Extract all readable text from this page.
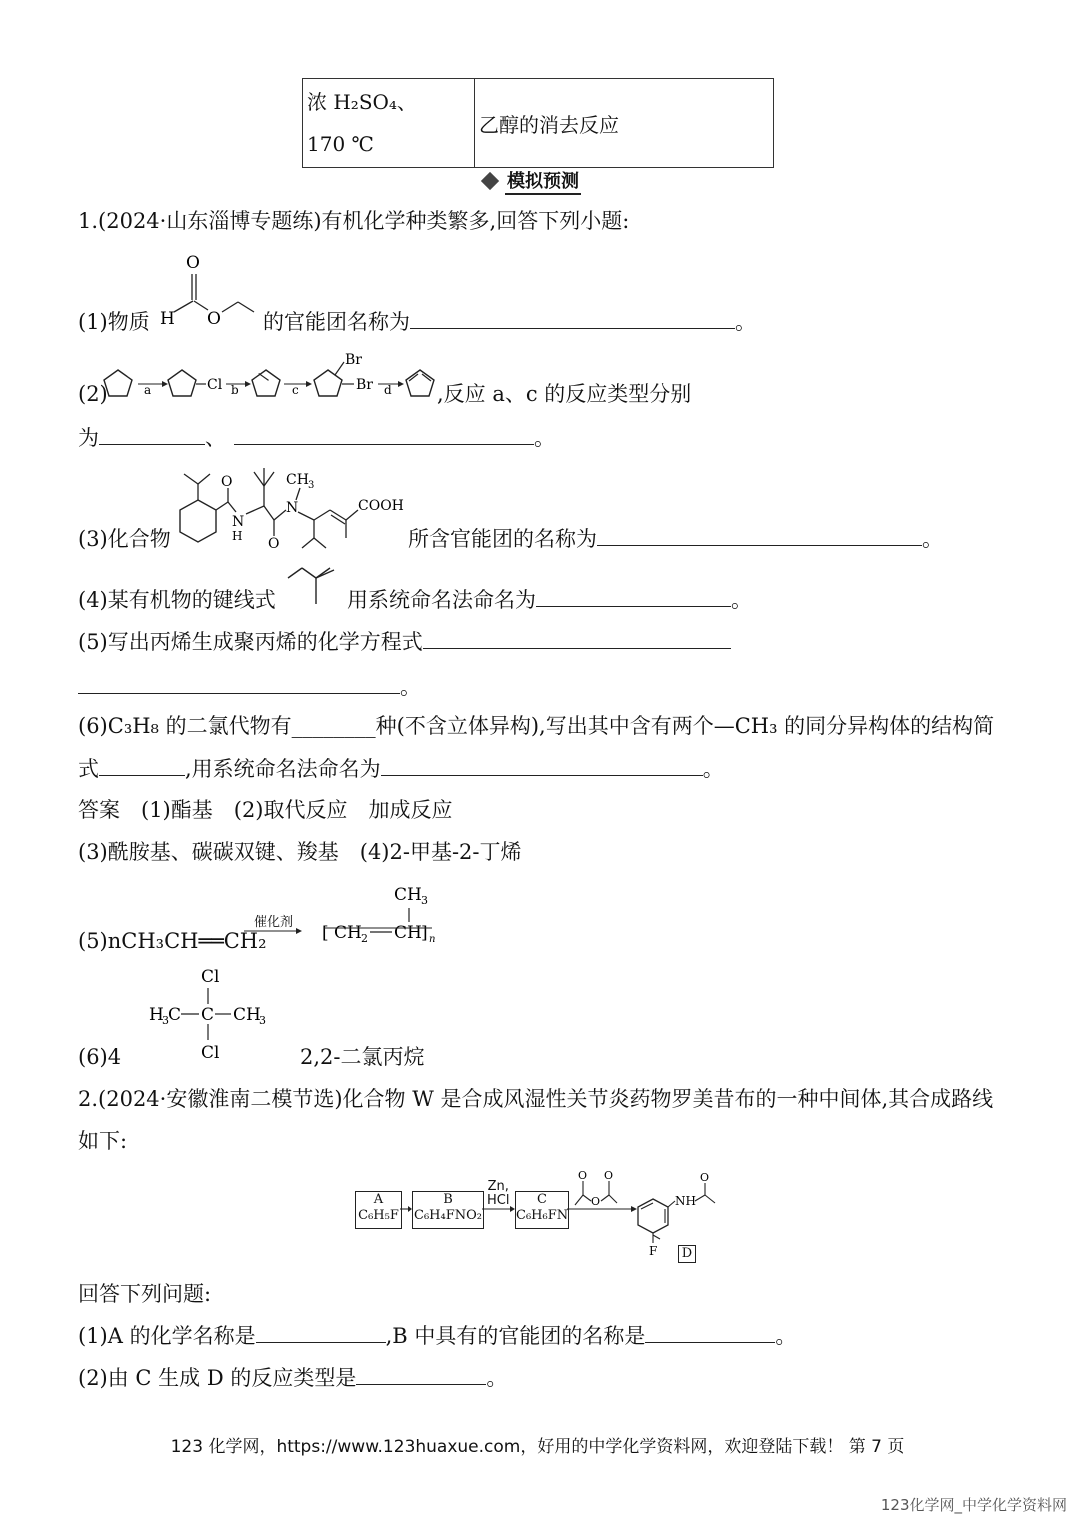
浓 H₂SO₄、
170 ℃
	乙醇的消去反应
模拟预测
1.(2024·山东淄博专题练)有机化学种类繁多,回答下列小题:
(1)物质
O
H O 的官能团名称为	。
(2)	a	Cl b	c
Br
Br d ,反应 a、c 的反应类型分别
为	、	。
(3)化合物
O
N
H O
N
CH 3
COOH
所含官能团的名称为	。
(4)某有机物的键线式	用系统命名法命名为	。
(5)写出丙烯生成聚丙烯的化学方程式
。
(6)C₃H₈ 的二氯代物有________种(不含立体异构),写出其中含有两个—CH₃ 的同分异构体的结构简
式	,用系统命名法命名为	。
答案　(1)酯基　(2)取代反应　加成反应
(3)酰胺基、碳碳双键、羧基　(4)2-甲基-2-丁烯
(5)nCH₃CH══CH₂
催化剂
[ CH 2 CH ] n
CH 3
Cl
H
3 C C CH
3
Cl
(6)4	2,2-二氯丙烷
2.(2024·安徽淮南二模节选)化合物 W 是合成风湿性关节炎药物罗美昔布的一种中间体,其合成路线
如下:
A
C₆H₅F
B
C₆H₄FNO₂
C
C₆H₆FN
Zn,
HCl
O
O
O
F
NH
O
D
回答下列问题:
(1)A 的化学名称是	,B 中具有的官能团的名称是	。
(2)由 C 生成 D 的反应类型是	。
123 化学网，https://www.123huaxue.com，好用的中学化学资料网，欢迎登陆下载！ 第 7 页
123化学网_中学化学资料网
